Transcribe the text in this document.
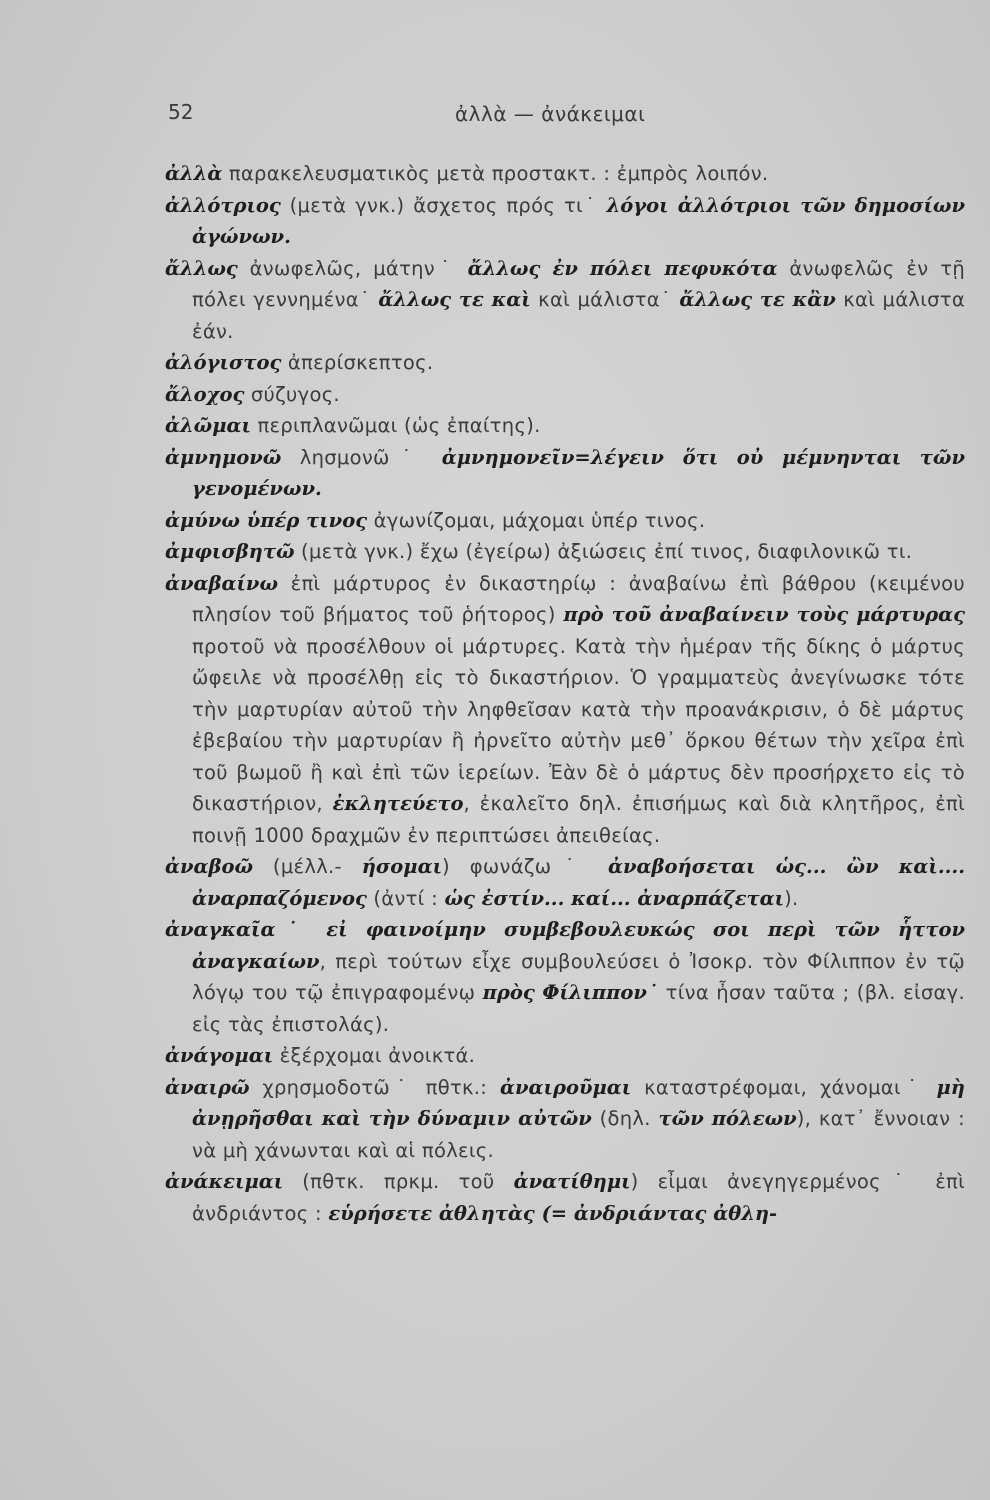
52	ἀλλὰ — ἀνάκειμαι

ἀλλὰ παρακελευσματικὸς μετὰ προστακτ. : ἐμπρὸς λοιπόν.

ἀλλότριος (μετὰ γνκ.) ἄσχετος πρός τι˙ λόγοι ἀλλότριοι τῶν δημοσίων ἀγώνων.

ἄλλως ἀνωφελῶς, μάτην˙ ἄλλως ἐν πόλει πεφυκότα ἀνωφελῶς ἐν τῇ πόλει γεννημένα˙ ἄλλως τε καὶ καὶ μάλιστα˙ ἄλλως τε κἂν καὶ μάλιστα ἐάν.

ἀλόγιστος ἀπερίσκεπτος.

ἄλοχος σύζυγος.

ἀλῶμαι περιπλανῶμαι (ὡς ἐπαίτης).

ἀμνημονῶ λησμονῶ˙ ἀμνημονεῖν=λέγειν ὅτι οὐ μέμνηνται τῶν γενομένων.

ἀμύνω ὑπέρ τινος ἀγωνίζομαι, μάχομαι ὑπέρ τινος.

ἀμφισβητῶ (μετὰ γνκ.) ἔχω (ἐγείρω) ἀξιώσεις ἐπί τινος, διαφιλονικῶ τι.

ἀναβαίνω ἐπὶ μάρτυρος ἐν δικαστηρίῳ : ἀναβαίνω ἐπὶ βάθρου (κειμένου πλησίον τοῦ βήματος τοῦ ῥήτορος) πρὸ τοῦ ἀναβαίνειν τοὺς μάρτυρας προτοῦ νὰ προσέλθουν οἱ μάρτυρες. Κατὰ τὴν ἡμέραν τῆς δίκης ὁ μάρτυς ὤφειλε νὰ προσέλθῃ εἰς τὸ δικαστήριον. Ὁ γραμματεὺς ἀνεγίνωσκε τότε τὴν μαρτυρίαν αὐτοῦ τὴν ληφθεῖσαν κατὰ τὴν προανάκρισιν, ὁ δὲ μάρτυς ἐβεβαίου τὴν μαρτυρίαν ἢ ἠρνεῖτο αὐτὴν μεθ᾽ ὅρκου θέτων τὴν χεῖρα ἐπὶ τοῦ βωμοῦ ἢ καὶ ἐπὶ τῶν ἱερείων. Ἐὰν δὲ ὁ μάρτυς δὲν προσήρχετο εἰς τὸ δικαστήριον, ἐκλητεύετο, ἐκαλεῖτο δηλ. ἐπισήμως καὶ διὰ κλητῆρος, ἐπὶ ποινῇ 1000 δραχμῶν ἐν περιπτώσει ἀπειθείας.

ἀναβοῶ (μέλλ.- ήσομαι) φωνάζω˙ ἀναβοήσεται ὡς... ὢν καὶ.... ἀναρπαζόμενος (ἀντί : ὡς ἐστίν... καί... ἀναρπάζεται).

ἀναγκαῖα˙ εἰ φαινοίμην συμβεβουλευκώς σοι περὶ τῶν ἧττον ἀναγκαίων, περὶ τούτων εἶχε συμβουλεύσει ὁ Ἰσοκρ. τὸν Φίλιππον ἐν τῷ λόγῳ του τῷ ἐπιγραφομένῳ πρὸς Φίλιππον˙ τίνα ἦσαν ταῦτα ; (βλ. εἰσαγ. εἰς τὰς ἐπιστολάς).

ἀνάγομαι ἐξέρχομαι ἀνοικτά.

ἀναιρῶ χρησμοδοτῶ˙ πθτκ.: ἀναιροῦμαι καταστρέφομαι, χάνομαι˙ μὴ ἀνῃρῆσθαι καὶ τὴν δύναμιν αὐτῶν (δηλ. τῶν πόλεων), κατ᾽ ἔννοιαν : νὰ μὴ χάνωνται καὶ αἱ πόλεις.

ἀνάκειμαι (πθτκ. πρκμ. τοῦ ἀνατίθημι) εἶμαι ἀνεγηγερμένος˙ ἐπὶ ἀνδριάντος : εὑρήσετε ἀθλητὰς (= ἀνδριάντας ἀθλη-
